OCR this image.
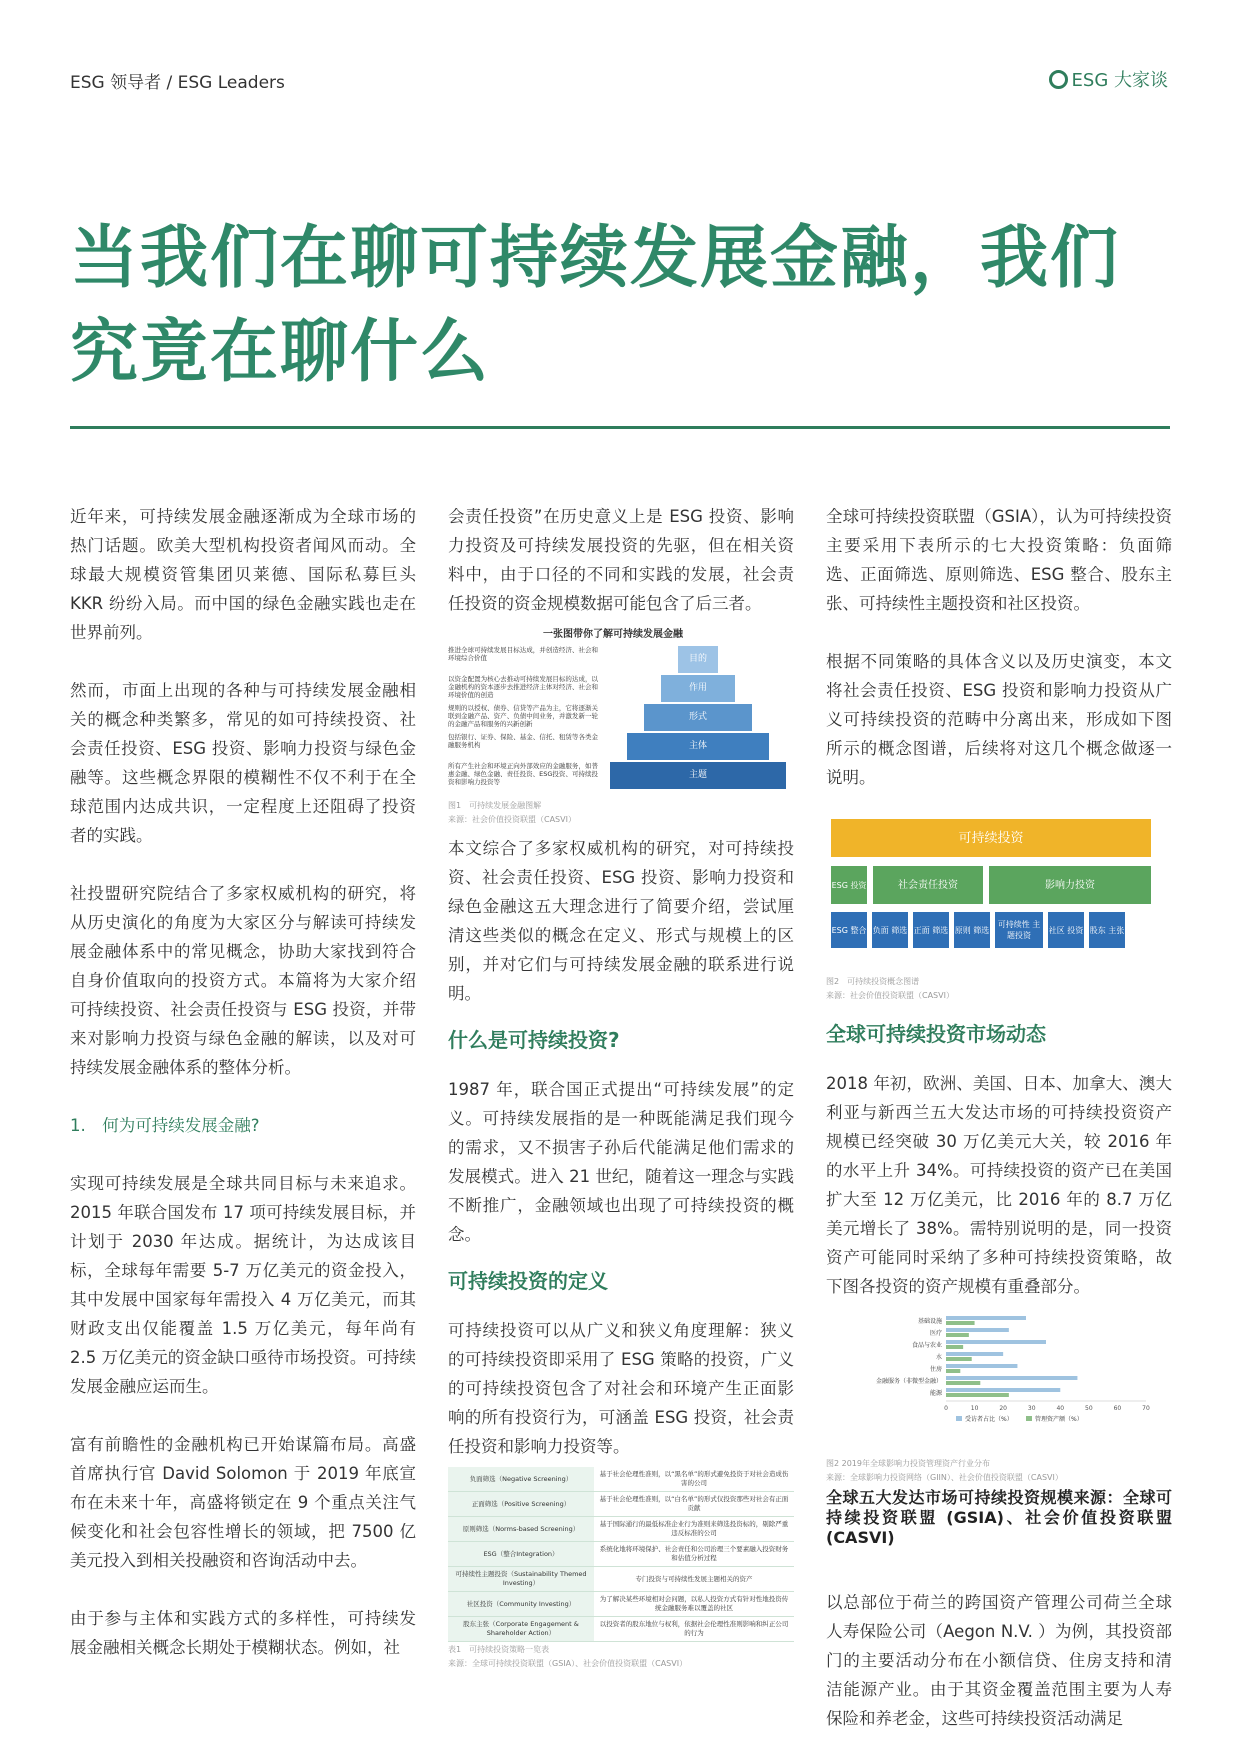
ESG 领导者 / ESG Leaders	ESG 大家谈
当我们在聊可持续发展金融，我们究竟在聊什么

近年来，可持续发展金融逐渐成为全球市场的热门话题。欧美大型机构投资者闻风而动。全球最大规模资管集团贝莱德、国际私募巨头 KKR 纷纷入局。而中国的绿色金融实践也走在世界前列。

然而，市面上出现的各种与可持续发展金融相关的概念种类繁多，常见的如可持续投资、社会责任投资、ESG 投资、影响力投资与绿色金融等。这些概念界限的模糊性不仅不利于在全球范围内达成共识，一定程度上还阻碍了投资者的实践。

社投盟研究院结合了多家权威机构的研究，将从历史演化的角度为大家区分与解读可持续发展金融体系中的常见概念，协助大家找到符合自身价值取向的投资方式。本篇将为大家介绍可持续投资、社会责任投资与 ESG 投资，并带来对影响力投资与绿色金融的解读，以及对可持续发展金融体系的整体分析。

1.　何为可持续发展金融?

实现可持续发展是全球共同目标与未来追求。2015 年联合国发布 17 项可持续发展目标，并计划于 2030 年达成。据统计，为达成该目标，全球每年需要 5-7 万亿美元的资金投入，其中发展中国家每年需投入 4 万亿美元，而其财政支出仅能覆盖 1.5 万亿美元，每年尚有 2.5 万亿美元的资金缺口亟待市场投资。可持续发展金融应运而生。

富有前瞻性的金融机构已开始谋篇布局。高盛首席执行官 David Solomon 于 2019 年底宣布在未来十年，高盛将锁定在 9 个重点关注气候变化和社会包容性增长的领域，把 7500 亿美元投入到相关投融资和咨询活动中去。

由于参与主体和实践方式的多样性，可持续发展金融相关概念长期处于模糊状态。例如，社

会责任投资”在历史意义上是 ESG 投资、影响力投资及可持续发展投资的先驱，但在相关资料中，由于口径的不同和实践的发展，社会责任投资的资金规模数据可能包含了后三者。

一张图带你了解可持续发展金融
推进全球可持续发展目标达成，并创造经济、社会和环境综合价值	目的
以资金配置为核心去推动可持续发展目标的达成，以金融机构的资本逐步去推进经济主体对经济、社会和环境价值的创造
作用
规则的以授权、债券、信贷等产品为主，它将逐渐关联到金融产品、资产、负债中间业务，并激发新一轮的金融产品和服务的兴新创新
形式
包括银行、证券、保险、基金、信托、租赁等各类金融服务机构	主体
所有产生社会和环境正向外部效应的金融服务，如普惠金融、绿色金融、责任投资、ESG投资、可持续投资和影响力投资等
主题
图1　可持续发展金融图解
来源：社会价值投资联盟（CASVI）

本文综合了多家权威机构的研究，对可持续投资、社会责任投资、ESG 投资、影响力投资和绿色金融这五大理念进行了简要介绍，尝试厘清这些类似的概念在定义、形式与规模上的区别，并对它们与可持续发展金融的联系进行说明。

什么是可持续投资?

1987 年，联合国正式提出“可持续发展”的定义。可持续发展指的是一种既能满足我们现今的需求，又不损害子孙后代能满足他们需求的发展模式。进入 21 世纪，随着这一理念与实践不断推广，金融领域也出现了可持续投资的概念。

可持续投资的定义

可持续投资可以从广义和狭义角度理解：狭义的可持续投资即采用了 ESG 策略的投资，广义的可持续投资包含了对社会和环境产生正面影响的所有投资行为，可涵盖 ESG 投资，社会责任投资和影响力投资等。

负面筛选（Negative Screening）	基于社会伦理性准则，以“黑名单”的形式避免投资于对社会造成伤害的公司
正面筛选（Positive Screening）	基于社会伦理性准则，以“白名单”的形式仅投资那些对社会有正面贡献
原则筛选（Norms-based Screening）	基于国际通行的最低标准企业行为准则来筛选投资标的，剔除严重违反标准的公司
ESG（整合Integration）	系统化地将环境保护、社会责任和公司治理三个要素融入投资财务和估值分析过程
可持续性主题投资（Sustainability Themed Investing）	专门投资与可持续性发展主题相关的资产
社区投资（Community Investing）	为了解决某些环境相对会问题，以私人投资方式有针对性地投资传统金融服务难以覆盖的社区
股东主张（Corporate Engagement & Shareholder Action）	以投资者的股东地位与权利，依据社会伦理性准则影响和纠正公司的行为
表1　可持续投资策略一览表
来源：全球可持续投资联盟（GSIA）、社会价值投资联盟（CASVI）

全球可持续投资联盟（GSIA），认为可持续投资主要采用下表所示的七大投资策略：负面筛选、正面筛选、原则筛选、ESG 整合、股东主张、可持续性主题投资和社区投资。

根据不同策略的具体含义以及历史演变，本文将社会责任投资、ESG 投资和影响力投资从广义可持续投资的范畴中分离出来，形成如下图所示的概念图谱，后续将对这几个概念做逐一说明。

可持续投资
ESG 投资	社会责任投资	影响力投资
ESG 整合 负面 筛选 正面 筛选 原则 筛选
可持续性 主题投资
社区 投资 股东 主张
图2　可持续投资概念图谱
来源：社会价值投资联盟（CASVI）
全球可持续投资市场动态

2018 年初，欧洲、美国、日本、加拿大、澳大利亚与新西兰五大发达市场的可持续投资资产规模已经突破 30 万亿美元大关，较 2016 年的水平上升 34%。可持续投资的资产已在美国扩大至 12 万亿美元，比 2016 年的 8.7 万亿美元增长了 38%。需特别说明的是，同一投资资产可能同时采纳了多种可持续投资策略，故下图各投资的资产规模有重叠部分。

基础设施
医疗
食品与农业
水
住房
金融服务（非微型金融）
能源
0	10	20	30	40	50	60	70
受访者占比（%）	管理资产额（%）
图2 2019年全球影响力投资管理资产行业分布
来源：全球影响力投资网络（GIIN）、社会价值投资联盟（CASVI）
全球五大发达市场可持续投资规模来源：全球可持续投资联盟 (GSIA)、社会价值投资联盟 (CASVI)

以总部位于荷兰的跨国资产管理公司荷兰全球人寿保险公司（Aegon N.V. ）为例，其投资部门的主要活动分布在小额信贷、住房支持和清洁能源产业。由于其资金覆盖范围主要为人寿保险和养老金，这些可持续投资活动满足
